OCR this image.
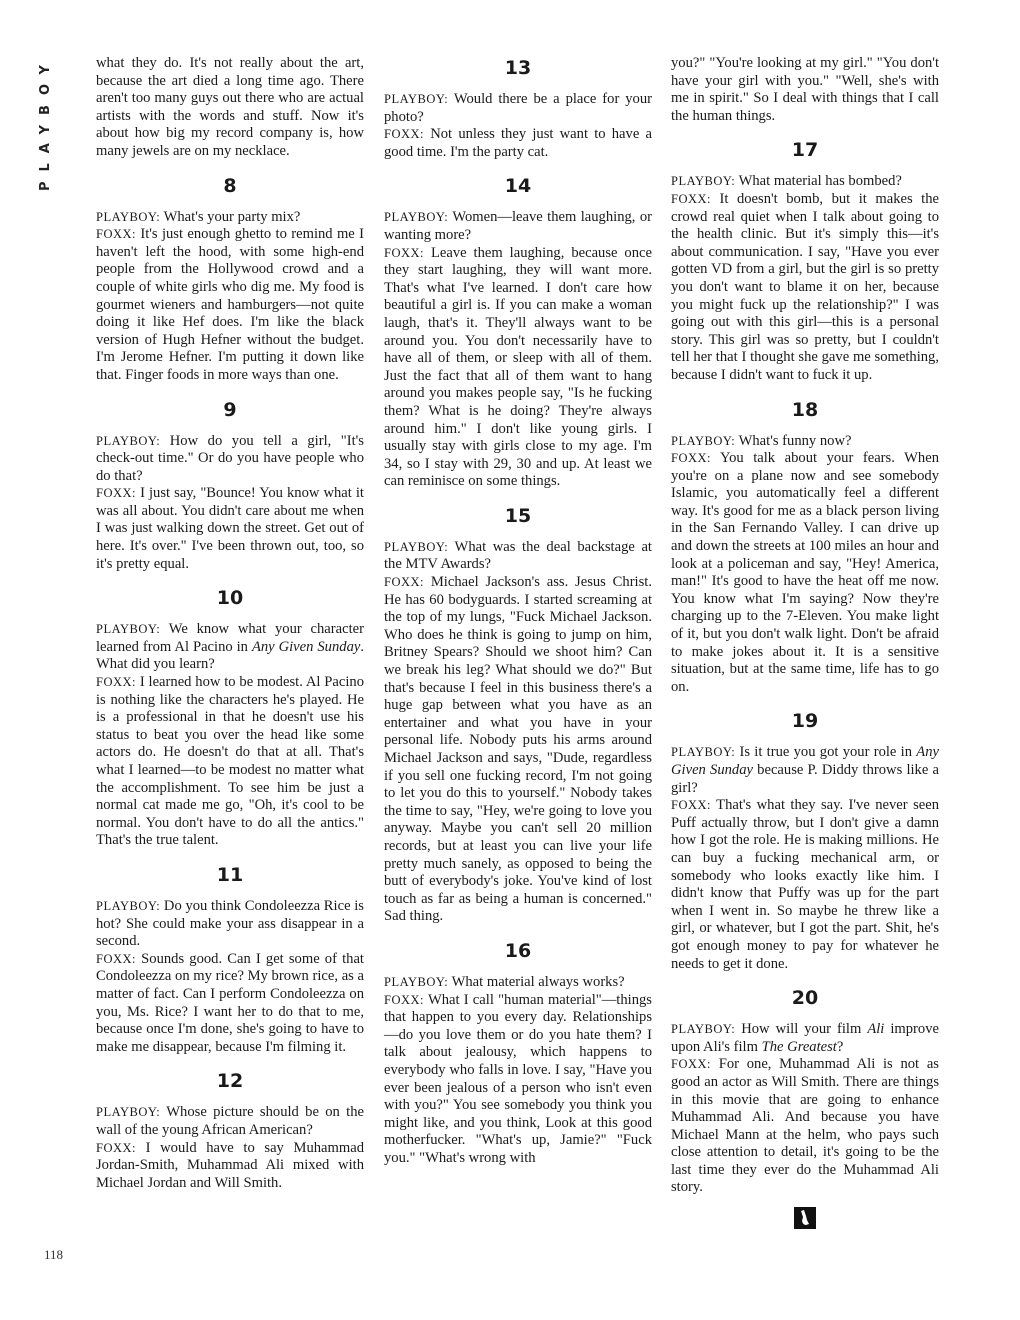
PLAYBOY
118

what they do. It's not really about the art, because the art died a long time ago. There aren't too many guys out there who are actual artists with the words and stuff. Now it's about how big my record company is, how many jewels are on my necklace.

8

PLAYBOY: What's your party mix?

FOXX: It's just enough ghetto to remind me I haven't left the hood, with some high-end people from the Hollywood crowd and a couple of white girls who dig me. My food is gourmet wieners and hamburgers—not quite doing it like Hef does. I'm like the black version of Hugh Hefner without the budget. I'm Jerome Hefner. I'm putting it down like that. Finger foods in more ways than one.

9

PLAYBOY: How do you tell a girl, "It's check-out time." Or do you have people who do that?

FOXX: I just say, "Bounce! You know what it was all about. You didn't care about me when I was just walking down the street. Get out of here. It's over." I've been thrown out, too, so it's pretty equal.

10

PLAYBOY: We know what your character learned from Al Pacino in Any Given Sunday. What did you learn?

FOXX: I learned how to be modest. Al Pacino is nothing like the characters he's played. He is a professional in that he doesn't use his status to beat you over the head like some actors do. He doesn't do that at all. That's what I learned—to be modest no matter what the accomplishment. To see him be just a normal cat made me go, "Oh, it's cool to be normal. You don't have to do all the antics." That's the true talent.

11

PLAYBOY: Do you think Condoleezza Rice is hot? She could make your ass disappear in a second.

FOXX: Sounds good. Can I get some of that Condoleezza on my rice? My brown rice, as a matter of fact. Can I perform Condoleezza on you, Ms. Rice? I want her to do that to me, because once I'm done, she's going to have to make me disappear, because I'm filming it.

12

PLAYBOY: Whose picture should be on the wall of the young African American?

FOXX: I would have to say Muhammad Jordan-Smith, Muhammad Ali mixed with Michael Jordan and Will Smith.

13

PLAYBOY: Would there be a place for your photo?

FOXX: Not unless they just want to have a good time. I'm the party cat.

14

PLAYBOY: Women—leave them laughing, or wanting more?

FOXX: Leave them laughing, because once they start laughing, they will want more. That's what I've learned. I don't care how beautiful a girl is. If you can make a woman laugh, that's it. They'll always want to be around you. You don't necessarily have to have all of them, or sleep with all of them. Just the fact that all of them want to hang around you makes people say, "Is he fucking them? What is he doing? They're always around him." I don't like young girls. I usually stay with girls close to my age. I'm 34, so I stay with 29, 30 and up. At least we can reminisce on some things.

15

PLAYBOY: What was the deal backstage at the MTV Awards?

FOXX: Michael Jackson's ass. Jesus Christ. He has 60 bodyguards. I started screaming at the top of my lungs, "Fuck Michael Jackson. Who does he think is going to jump on him, Britney Spears? Should we shoot him? Can we break his leg? What should we do?" But that's because I feel in this business there's a huge gap between what you have as an entertainer and what you have in your personal life. Nobody puts his arms around Michael Jackson and says, "Dude, regardless if you sell one fucking record, I'm not going to let you do this to yourself." Nobody takes the time to say, "Hey, we're going to love you anyway. Maybe you can't sell 20 million records, but at least you can live your life pretty much sanely, as opposed to being the butt of everybody's joke. You've kind of lost touch as far as being a human is concerned." Sad thing.

16

PLAYBOY: What material always works?

FOXX: What I call "human material"—things that happen to you every day. Relationships—do you love them or do you hate them? I talk about jealousy, which happens to everybody who falls in love. I say, "Have you ever been jealous of a person who isn't even with you?" You see somebody you think you might like, and you think, Look at this good motherfucker. "What's up, Jamie?" "Fuck you." "What's wrong with

you?" "You're looking at my girl." "You don't have your girl with you." "Well, she's with me in spirit." So I deal with things that I call the human things.

17

PLAYBOY: What material has bombed?

FOXX: It doesn't bomb, but it makes the crowd real quiet when I talk about going to the health clinic. But it's simply this—it's about communication. I say, "Have you ever gotten VD from a girl, but the girl is so pretty you don't want to blame it on her, because you might fuck up the relationship?" I was going out with this girl—this is a personal story. This girl was so pretty, but I couldn't tell her that I thought she gave me something, because I didn't want to fuck it up.

18

PLAYBOY: What's funny now?

FOXX: You talk about your fears. When you're on a plane now and see somebody Islamic, you automatically feel a different way. It's good for me as a black person living in the San Fernando Valley. I can drive up and down the streets at 100 miles an hour and look at a policeman and say, "Hey! America, man!" It's good to have the heat off me now. You know what I'm saying? Now they're charging up to the 7-Eleven. You make light of it, but you don't walk light. Don't be afraid to make jokes about it. It is a sensitive situation, but at the same time, life has to go on.

19

PLAYBOY: Is it true you got your role in Any Given Sunday because P. Diddy throws like a girl?

FOXX: That's what they say. I've never seen Puff actually throw, but I don't give a damn how I got the role. He is making millions. He can buy a fucking mechanical arm, or somebody who looks exactly like him. I didn't know that Puffy was up for the part when I went in. So maybe he threw like a girl, or whatever, but I got the part. Shit, he's got enough money to pay for whatever he needs to get it done.

20

PLAYBOY: How will your film Ali improve upon Ali's film The Greatest?

FOXX: For one, Muhammad Ali is not as good an actor as Will Smith. There are things in this movie that are going to enhance Muhammad Ali. And because you have Michael Mann at the helm, who pays such close attention to detail, it's going to be the last time they ever do the Muhammad Ali story.
